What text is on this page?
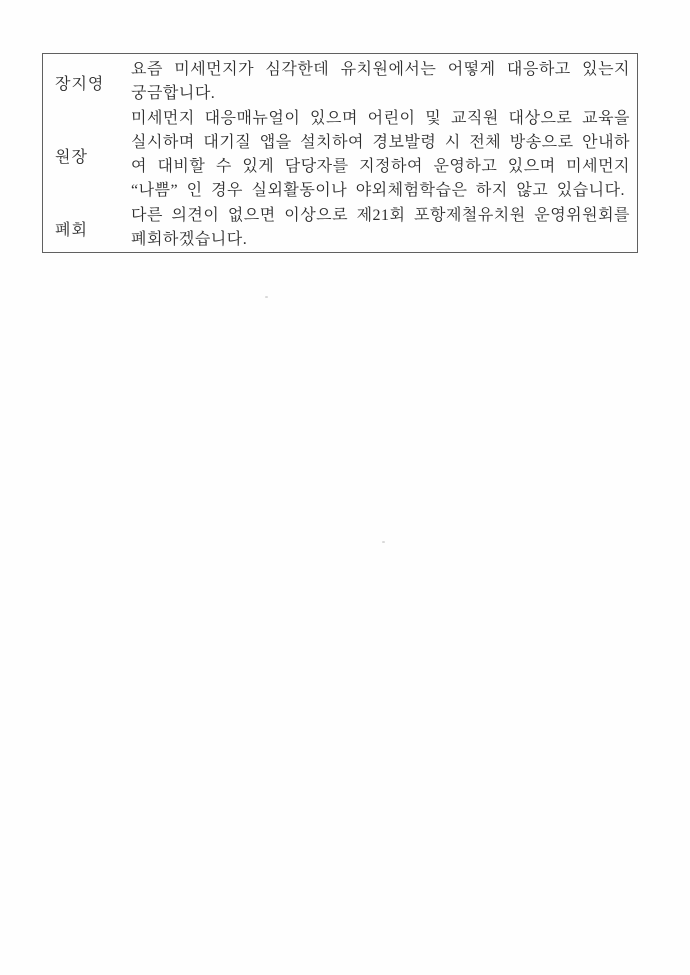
장지영
요즘 미세먼지가 심각한데 유치원에서는 어떻게 대응하고 있는지 궁금합니다.
원장
미세먼지 대응매뉴얼이 있으며 어린이 및 교직원 대상으로 교육을 실시하며 대기질 앱을 설치하여 경보발령 시 전체 방송으로 안내하여 대비할 수 있게 담당자를 지정하여 운영하고 있으며 미세먼지 “나쁨” 인 경우 실외활동이나 야외체험학습은 하지 않고 있습니다.
폐회
다른 의견이 없으면 이상으로 제21회 포항제철유치원 운영위원회를 폐회하겠습니다.
